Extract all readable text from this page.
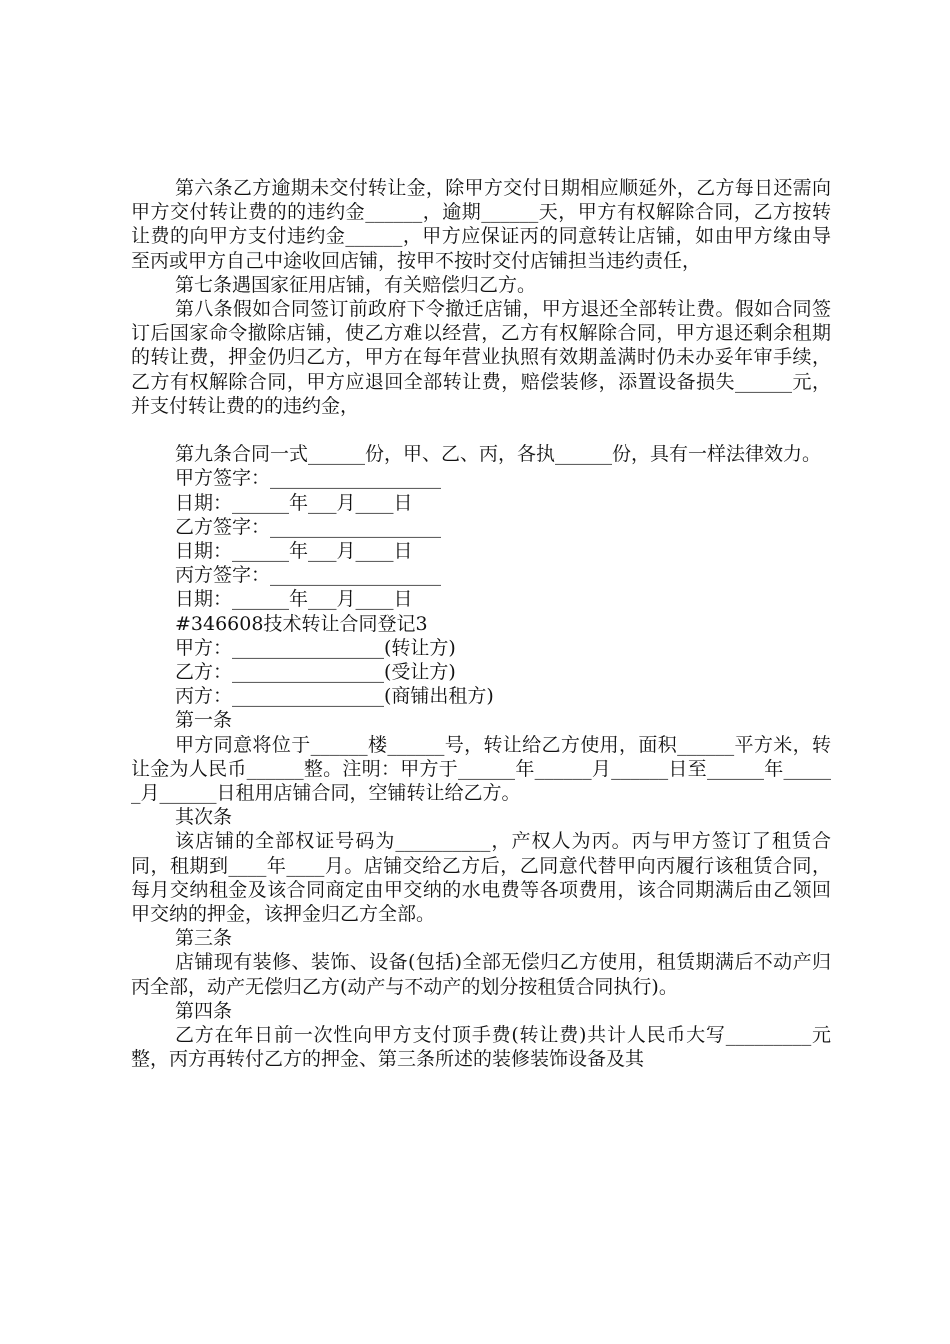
第六条乙方逾期未交付转让金，除甲方交付日期相应顺延外，乙方每日还需向甲方交付转让费的的违约金______，逾期______天，甲方有权解除合同，乙方按转让费的向甲方支付违约金______，甲方应保证丙的同意转让店铺，如由甲方缘由导至丙或甲方自己中途收回店铺，按甲不按时交付店铺担当违约责任，

第七条遇国家征用店铺，有关赔偿归乙方。

第八条假如合同签订前政府下令撤迁店铺，甲方退还全部转让费。假如合同签订后国家命令撤除店铺，使乙方难以经营，乙方有权解除合同，甲方退还剩余租期的转让费，押金仍归乙方，甲方在每年营业执照有效期盖满时仍未办妥年审手续，乙方有权解除合同，甲方应退回全部转让费，赔偿装修，添置设备损失______元，并支付转让费的的违约金，

第九条合同一式______份，甲、乙、丙，各执______份，具有一样法律效力。

甲方签字：__________________

日期：______年___月____日

乙方签字：__________________

日期：______年___月____日

丙方签字：__________________

日期：______年___月____日

#346608技术转让合同登记3

甲方：________________(转让方)

乙方：________________(受让方)

丙方：________________(商铺出租方)

第一条

甲方同意将位于______楼______号，转让给乙方使用，面积______平方米，转让金为人民币______整。注明：甲方于______年______月______日至______年______月______日租用店铺合同，空铺转让给乙方。

其次条

该店铺的全部权证号码为__________，产权人为丙。丙与甲方签订了租赁合同，租期到____年____月。店铺交给乙方后，乙同意代替甲向丙履行该租赁合同，每月交纳租金及该合同商定由甲交纳的水电费等各项费用，该合同期满后由乙领回甲交纳的押金，该押金归乙方全部。

第三条

店铺现有装修、装饰、设备(包括)全部无偿归乙方使用，租赁期满后不动产归丙全部，动产无偿归乙方(动产与不动产的划分按租赁合同执行)。

第四条

乙方在年日前一次性向甲方支付顶手费(转让费)共计人民币大写_________元整，丙方再转付乙方的押金、第三条所述的装修装饰设备及其
